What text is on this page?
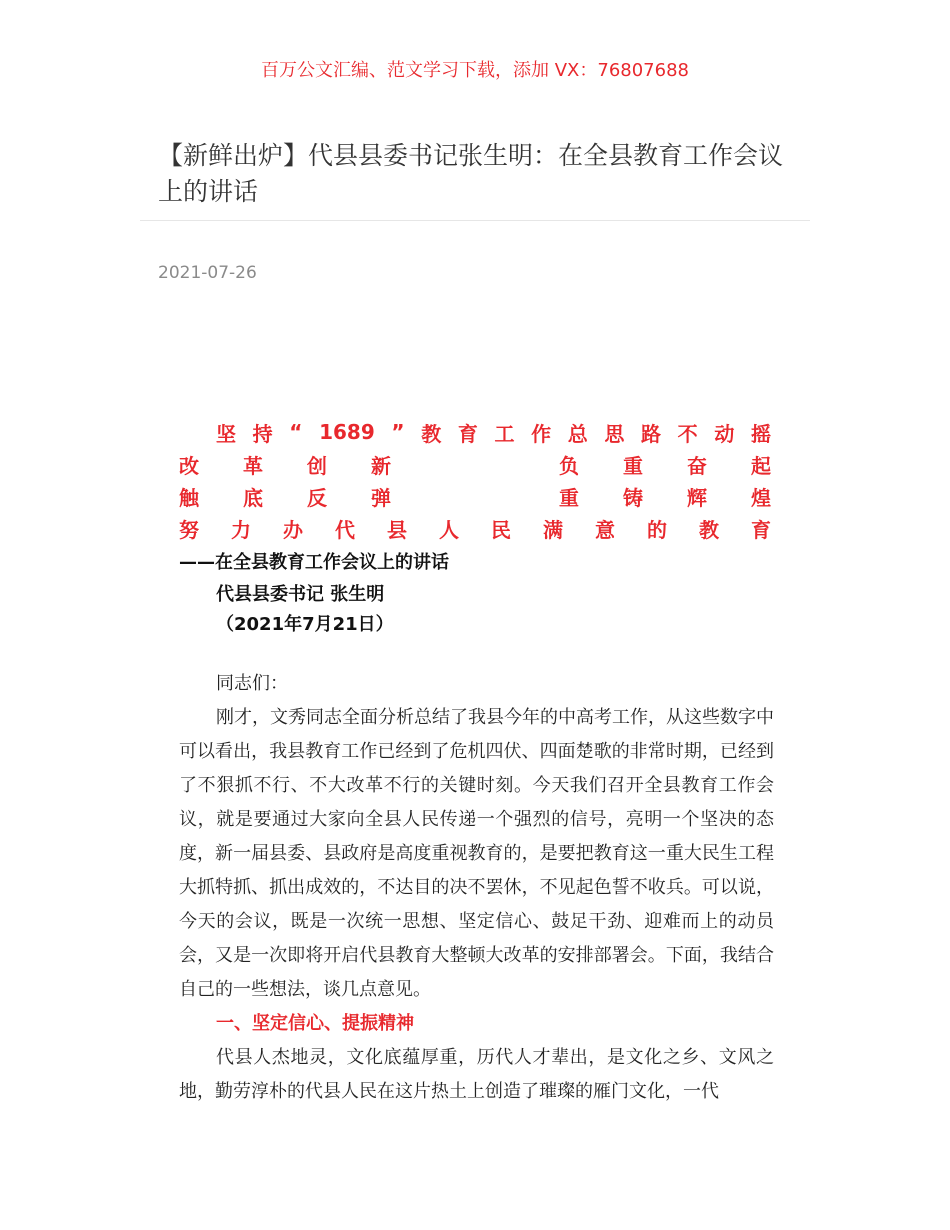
百万公文汇编、范文学习下载，添加 VX：76807688
【新鲜出炉】代县县委书记张生明：在全县教育工作会议上的讲话
2021-07-26
坚 持 “ 1689 ” 教 育 工 作 总 思 路 不 动 摇
改 革 创 新	负 重 奋 起
触 底 反 弹	重 铸 辉 煌
努 力 办 代 县 人 民 满 意 的 教 育
——在全县教育工作会议上的讲话
代县县委书记 张生明
（2021年7月21日）

同志们：

刚才，文秀同志全面分析总结了我县今年的中高考工作，从这些数字中可以看出，我县教育工作已经到了危机四伏、四面楚歌的非常时期，已经到了不狠抓不行、不大改革不行的关键时刻。今天我们召开全县教育工作会议，就是要通过大家向全县人民传递一个强烈的信号，亮明一个坚决的态度，新一届县委、县政府是高度重视教育的，是要把教育这一重大民生工程大抓特抓、抓出成效的，不达目的决不罢休，不见起色誓不收兵。可以说，今天的会议，既是一次统一思想、坚定信心、鼓足干劲、迎难而上的动员会，又是一次即将开启代县教育大整顿大改革的安排部署会。下面，我结合自己的一些想法，谈几点意见。

一、坚定信心、提振精神

代县人杰地灵，文化底蕴厚重，历代人才辈出，是文化之乡、文风之地，勤劳淳朴的代县人民在这片热土上创造了璀璨的雁门文化，一代
